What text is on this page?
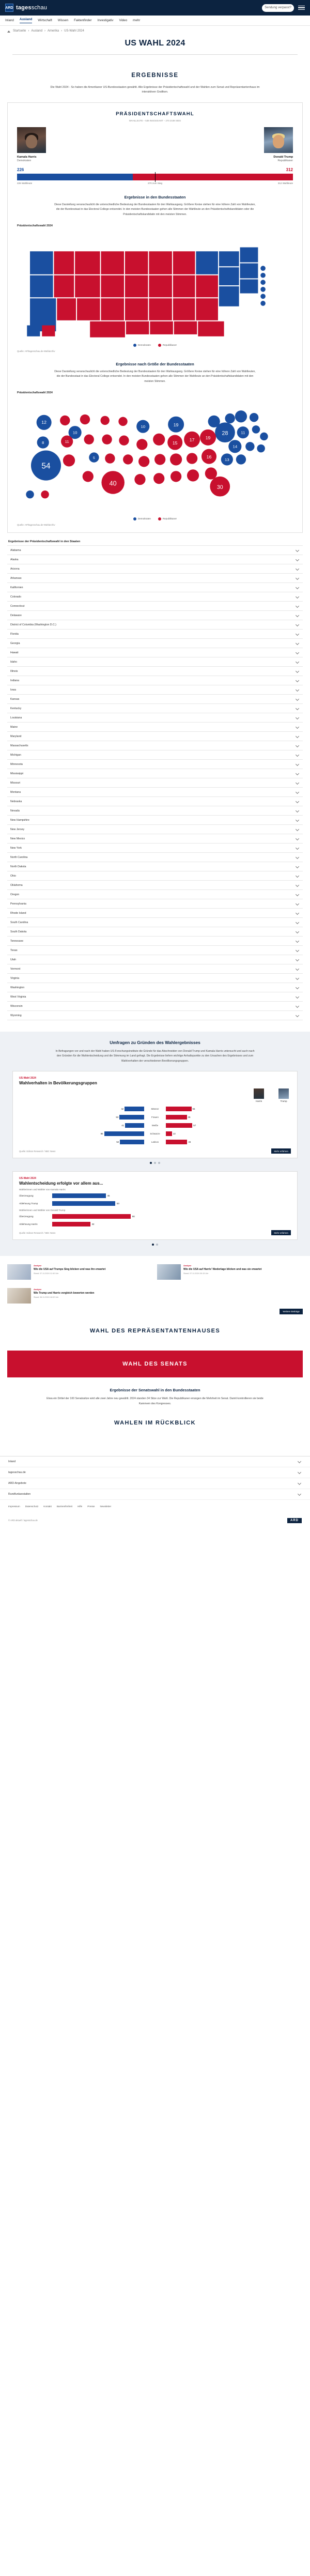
ARD tagesschau	Sendung verpasst?
Inland Ausland Wirtschaft Wissen Faktenfinder Investigativ Video mehr
Startseite › Ausland › Amerika › US-Wahl 2024
US WAHL 2024
ERGEBNISSE
Die Wahl 2024 - So haben die Amerikaner US-Bundesstaaten gewählt. Alle Ergebnisse der Präsidentschaftswahl und der Wahlen zum Senat und Repräsentantenhaus im interaktiven Grafiken.
PRÄSIDENTSCHAFTSWAHL
WAHLLEUTE – 538 INSGESAMT – 270 ZUM SIEG
Kamala Harris
Demokraten
Donald Trump
Republikaner
226	312
226 Wahlleute	270 zum Sieg	312 Wahlleute
Ergebnisse in den Bundesstaaten
Diese Darstellung veranschaulicht die unterschiedliche Bedeutung der Bundesstaaten für den Wahlausgang. Größere Kreise stehen für eine höhere Zahl von Wahlleuten, die der Bundesstaat in das Electoral College entsendet. In den meisten Bundesstaaten gehen alle Stimmen der Wahlleute an den Präsidentschaftskandidaten oder die Präsidentschaftskandidatin mit den meisten Stimmen.
Präsidentschaftswahl 2024
Demokraten	Republikaner
Quelle: AP/tagesschau.de-Wahlarchiv
Ergebnisse nach Größe der Bundesstaaten
Diese Darstellung veranschaulicht die unterschiedliche Bedeutung der Bundesstaaten für den Wahlausgang. Größere Kreise stehen für eine höhere Zahl von Wahlleuten, die der Bundesstaat in das Electoral College entsendet. In den meisten Bundesstaaten gehen alle Stimmen der Wahlleute an den Präsidentschaftskandidaten mit den meisten Stimmen.
Präsidentschaftswahl 2024
12
8
54
10
5
10	19
28	11
14
13
11	15
17 19
16
40
30
Demokraten	Republikaner
Quelle: AP/tagesschau.de-Wahlarchiv
Ergebnisse der Präsidentschaftswahl in den Staaten
Alabama
Alaska
Arizona
Arkansas
Kalifornien
Colorado
Connecticut
Delaware
District of Columbia (Washington D.C.)
Florida
Georgia
Hawaii
Idaho
Illinois
Indiana
Iowa
Kansas
Kentucky
Louisiana
Maine
Maryland
Massachusetts
Michigan
Minnesota
Mississippi
Missouri
Montana
Nebraska
Nevada
New Hampshire
New Jersey
New Mexico
New York
North Carolina
North Dakota
Ohio
Oklahoma
Oregon
Pennsylvania
Rhode Island
South Carolina
South Dakota
Tennessee
Texas
Utah
Vermont
Virginia
Washington
West Virginia
Wisconsin
Wyoming
Umfragen zu Gründen des Wahlergebnisses
In Befragungen vor und nach der Wahl haben US-Forschungsinstitute die Gründe für das Abschneiden von Donald Trump und Kamala Harris untersucht und auch nach den Gründen für die Wahlentscheidung und die Stimmung im Land gefragt. Die Ergebnisse liefern wichtige Anhaltspunkte zu den Ursachen des Ergebnisses und zum Wahlverhalten der verschiedenen Bevölkerungsgruppen.
US-Wahl 2024
Wahlverhalten in Bevölkerungsgruppen
Harris	Trump
42	Männer	55
53	Frauen	45
41	Weiße	57
86	Schwarze	13
52	Latinos	46
Quelle: Edison Research / NBC News	Mehr erfahren
US-Wahl 2024
Wahlentscheidung erfolgte vor allem aus...
Wählerinnen und Wähler von Kamala Harris
Überzeugung	45
Ablehnung Trump	53
Wählerinnen und Wähler von Donald Trump
Überzeugung	66
Ablehnung Harris	32
Quelle: Edison Research / NBC News	Mehr erfahren
Analyse
Wie die USA auf Trumps Sieg blicken und was ihn erwartet
Stand: 07.11.2024 12:40 Uhr
Analyse
Wie die USA auf Harris' Niederlage blicken und was sie erwartet
Stand: 07.11.2024 09:15 Uhr
Analyse
Wie Trump und Harris vergleich bewerten werden
Stand: 06.11.2024 18:02 Uhr
Weitere Beiträge
WAHL DES REPRÄSENTANTENHAUSES
WAHL DES SENATS
Ergebnisse der Senatswahl in den Bundesstaaten

Etwa ein Drittel der 100 Senatssitze wird alle zwei Jahre neu gewählt. 2024 standen 34 Sitze zur Wahl. Die Republikaner errangen die Mehrheit im Senat. Damit kontrollieren sie beide Kammern des Kongresses.

WAHLEN IM RÜCKBLICK
Inland
tagesschau.de
ARD-Angebote
Rundfunkanstalten
Impressum Datenschutz Kontakt Barrierefreiheit Hilfe Presse Newsletter
© ARD aktuell / tagesschau.de	ARD
